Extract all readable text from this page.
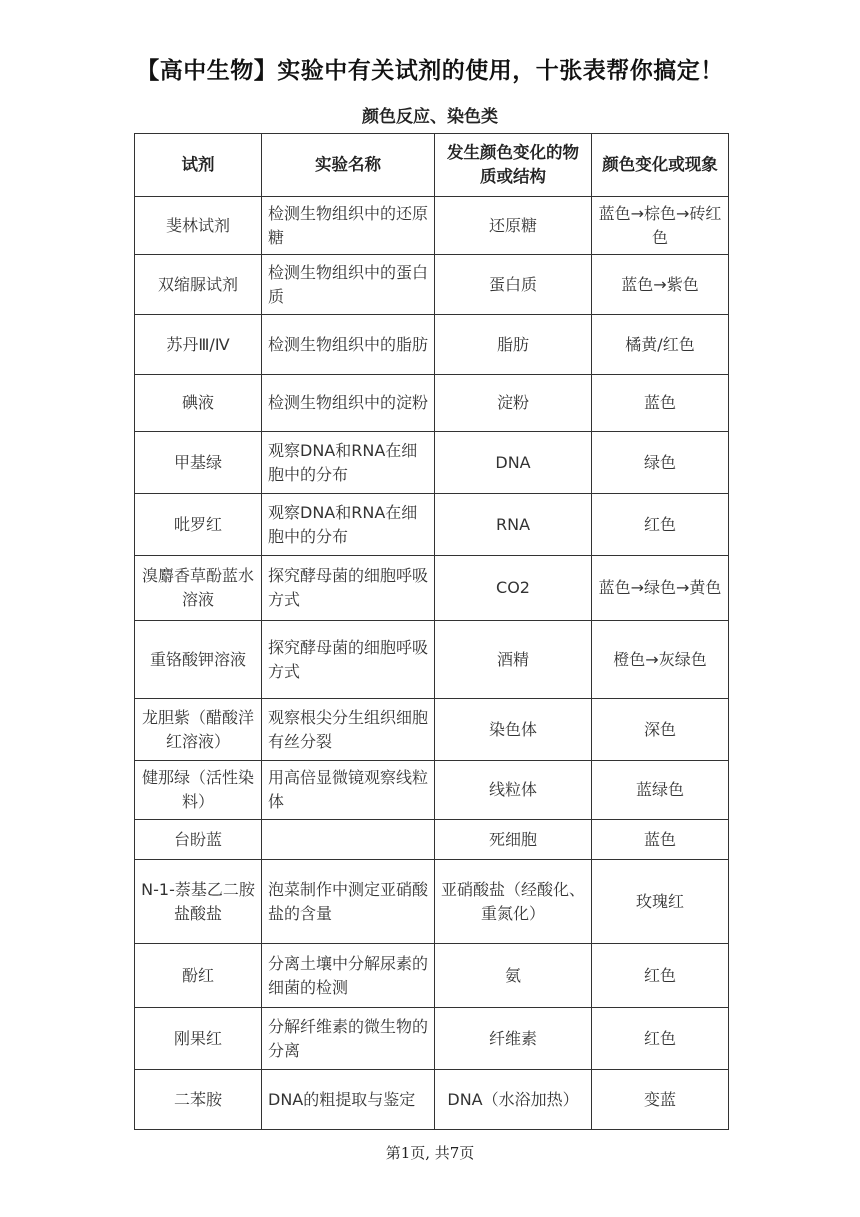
【高中生物】实验中有关试剂的使用，十张表帮你搞定！
颜色反应、染色类
试剂	实验名称	发生颜色变化的物质或结构	颜色变化或现象
斐林试剂	检测生物组织中的还原糖	还原糖	蓝色→棕色→砖红色
双缩脲试剂	检测生物组织中的蛋白质	蛋白质	蓝色→紫色
苏丹Ⅲ/Ⅳ	检测生物组织中的脂肪	脂肪	橘黄/红色
碘液	检测生物组织中的淀粉	淀粉	蓝色
甲基绿	观察DNA和RNA在细胞中的分布	DNA	绿色
吡罗红	观察DNA和RNA在细胞中的分布	RNA	红色
溴麝香草酚蓝水溶液	探究酵母菌的细胞呼吸方式	CO2	蓝色→绿色→黄色
重铬酸钾溶液	探究酵母菌的细胞呼吸方式	酒精	橙色→灰绿色
龙胆紫（醋酸洋红溶液）	观察根尖分生组织细胞有丝分裂	染色体	深色
健那绿（活性染料）	用高倍显微镜观察线粒体	线粒体	蓝绿色
台盼蓝		死细胞	蓝色
N-1-萘基乙二胺盐酸盐	泡菜制作中测定亚硝酸盐的含量	亚硝酸盐（经酸化、重氮化）	玫瑰红
酚红	分离土壤中分解尿素的细菌的检测	氨	红色
刚果红	分解纤维素的微生物的分离	纤维素	红色
二苯胺	DNA的粗提取与鉴定	DNA（水浴加热）	变蓝
第1页, 共7页
